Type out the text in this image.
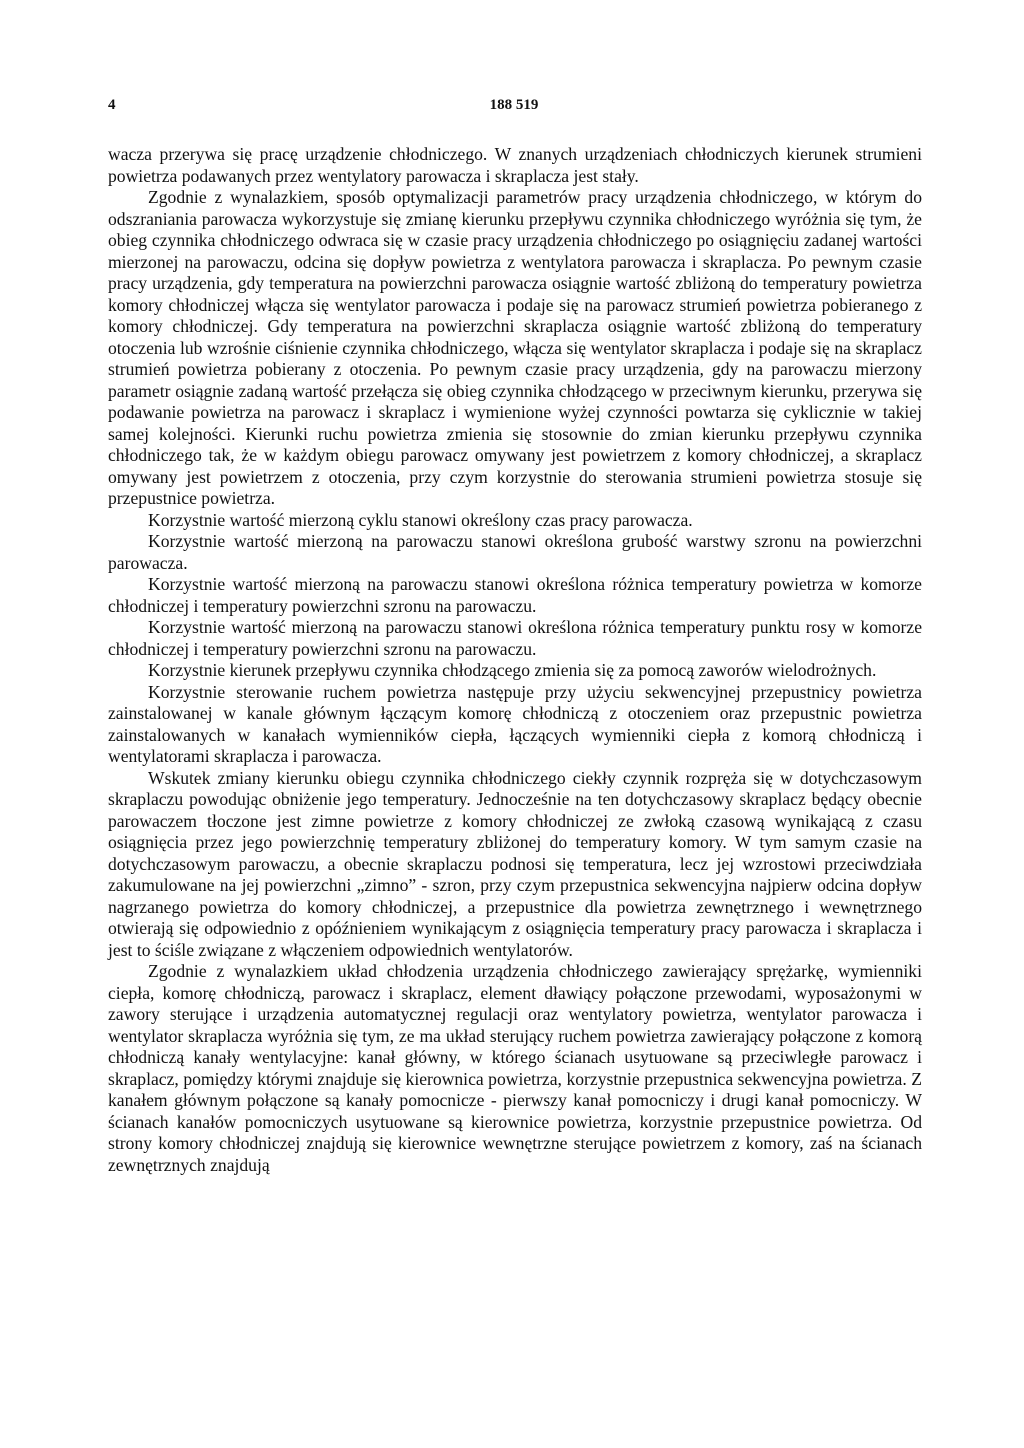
4	188 519

wacza przerywa się pracę urządzenie chłodniczego. W znanych urządzeniach chłodniczych kierunek strumieni powietrza podawanych przez wentylatory parowacza i skraplacza jest stały.

Zgodnie z wynalazkiem, sposób optymalizacji parametrów pracy urządzenia chłodniczego, w którym do odszraniania parowacza wykorzystuje się zmianę kierunku przepływu czynnika chłodniczego wyróżnia się tym, że obieg czynnika chłodniczego odwraca się w czasie pracy urządzenia chłodniczego po osiągnięciu zadanej wartości mierzonej na parowaczu, odcina się dopływ powietrza z wentylatora parowacza i skraplacza. Po pewnym czasie pracy urządzenia, gdy temperatura na powierzchni parowacza osiągnie wartość zbliżoną do temperatury powietrza komory chłodniczej włącza się wentylator parowacza i podaje się na parowacz strumień powietrza pobieranego z komory chłodniczej. Gdy temperatura na powierzchni skraplacza osiągnie wartość zbliżoną do temperatury otoczenia lub wzrośnie ciśnienie czynnika chłodniczego, włącza się wentylator skraplacza i podaje się na skraplacz strumień powietrza pobierany z otoczenia. Po pewnym czasie pracy urządzenia, gdy na parowaczu mierzony parametr osiągnie zadaną wartość przełącza się obieg czynnika chłodzącego w przeciwnym kierunku, przerywa się podawanie powietrza na parowacz i skraplacz i wymienione wyżej czynności powtarza się cyklicznie w takiej samej kolejności. Kierunki ruchu powietrza zmienia się stosownie do zmian kierunku przepływu czynnika chłodniczego tak, że w każdym obiegu parowacz omywany jest powietrzem z komory chłodniczej, a skraplacz omywany jest powietrzem z otoczenia, przy czym korzystnie do sterowania strumieni powietrza stosuje się przepustnice powietrza.

Korzystnie wartość mierzoną cyklu stanowi określony czas pracy parowacza.

Korzystnie wartość mierzoną na parowaczu stanowi określona grubość warstwy szronu na powierzchni parowacza.

Korzystnie wartość mierzoną na parowaczu stanowi określona różnica temperatury powietrza w komorze chłodniczej i temperatury powierzchni szronu na parowaczu.

Korzystnie wartość mierzoną na parowaczu stanowi określona różnica temperatury punktu rosy w komorze chłodniczej i temperatury powierzchni szronu na parowaczu.

Korzystnie kierunek przepływu czynnika chłodzącego zmienia się za pomocą zaworów wielodrożnych.

Korzystnie sterowanie ruchem powietrza następuje przy użyciu sekwencyjnej przepustnicy powietrza zainstalowanej w kanale głównym łączącym komorę chłodniczą z otoczeniem oraz przepustnic powietrza zainstalowanych w kanałach wymienników ciepła, łączących wymienniki ciepła z komorą chłodniczą i wentylatorami skraplacza i parowacza.

Wskutek zmiany kierunku obiegu czynnika chłodniczego ciekły czynnik rozpręża się w dotychczasowym skraplaczu powodując obniżenie jego temperatury. Jednocześnie na ten dotychczasowy skraplacz będący obecnie parowaczem tłoczone jest zimne powietrze z komory chłodniczej ze zwłoką czasową wynikającą z czasu osiągnięcia przez jego powierzchnię temperatury zbliżonej do temperatury komory. W tym samym czasie na dotychczasowym parowaczu, a obecnie skraplaczu podnosi się temperatura, lecz jej wzrostowi przeciwdziała zakumulowane na jej powierzchni „zimno” - szron, przy czym przepustnica sekwencyjna najpierw odcina dopływ nagrzanego powietrza do komory chłodniczej, a przepustnice dla powietrza zewnętrznego i wewnętrznego otwierają się odpowiednio z opóźnieniem wynikającym z osiągnięcia temperatury pracy parowacza i skraplacza i jest to ściśle związane z włączeniem odpowiednich wentylatorów.

Zgodnie z wynalazkiem układ chłodzenia urządzenia chłodniczego zawierający sprężarkę, wymienniki ciepła, komorę chłodniczą, parowacz i skraplacz, element dławiący połączone przewodami, wyposażonymi w zawory sterujące i urządzenia automatycznej regulacji oraz wentylatory powietrza, wentylator parowacza i wentylator skraplacza wyróżnia się tym, ze ma układ sterujący ruchem powietrza zawierający połączone z komorą chłodniczą kanały wentylacyjne: kanał główny, w którego ścianach usytuowane są przeciwległe parowacz i skraplacz, pomiędzy którymi znajduje się kierownica powietrza, korzystnie przepustnica sekwencyjna powietrza. Z kanałem głównym połączone są kanały pomocnicze - pierwszy kanał pomocniczy i drugi kanał pomocniczy. W ścianach kanałów pomocniczych usytuowane są kierownice powietrza, korzystnie przepustnice powietrza. Od strony komory chłodniczej znajdują się kierownice wewnętrzne sterujące powietrzem z komory, zaś na ścianach zewnętrznych znajdują
